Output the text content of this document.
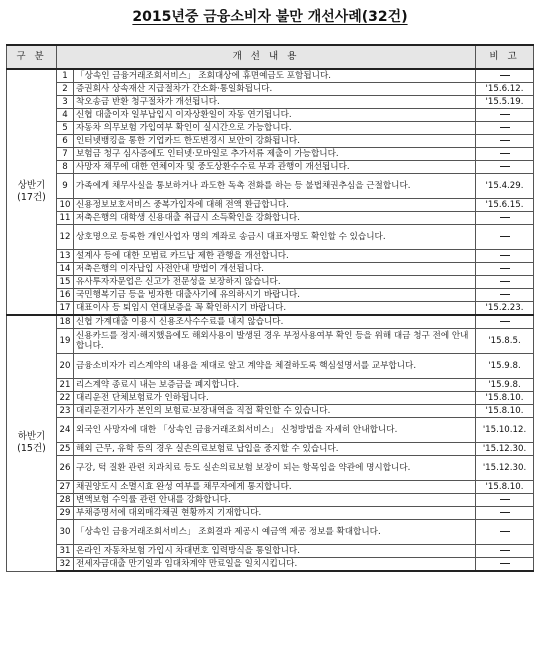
2015년중 금융소비자 불만 개선사례(32건)
구 분	개 선 내 용		비 고

상반기
(17건)	1	「상속인 금융거래조회서비스」 조회대상에 휴면예금도 포함됩니다.	
	2	증권회사 상속재산 지급절차가 간소화·통일화됩니다.	'15.6.12.
	3	착오송금 반환 청구절차가 개선됩니다.	'15.5.19.
	4	신협 대출이자 일부납입시 이자상환일이 자동 연기됩니다.	
	5	자동차 의무보험 가입여부 확인이 실시간으로 가능합니다.	
	6	인터넷뱅킹을 통한 기업카드 한도변경시 보안이 강화됩니다.	
	7	보험금 청구 심사증에도 인터넷·모바일로 추가서류 제출이 가능합니다.	
	8	사망자 채무에 대한 연체이자 및 중도상환수수료 부과 관행이 개선됩니다.	
	9	가족에게 채무사실을 통보하거나 과도한 독촉 전화를 하는 등 불법채권추심을 근절합니다.	'15.4.29.
	10	신용정보보호서비스 중복가입자에 대해 전액 환급합니다.	'15.6.15.
	11	저축은행의 대학생 신용대출 취급시 소득확인을 강화합니다.	
	12	상호명으로 등록한 개인사업자 명의 계좌로 송금시 대표자명도 확인할 수 있습니다.	
	13	설계사 등에 대한 모범료 카드납 제한 관행을 개선합니다.	
	14	저축은행의 이자납입 사전안내 방법이 개선됩니다.	
	15	유사투자자문업은 신고가 전문성을 보장하지 않습니다.	
	16	국민행복기금 등을 빙자한 대출사기에 유의하시기 바랍니다.	
	17	대표이사 등 퇴임시 연대보증을 꼭 확인하시기 바랍니다.	'15.2.23.

하반기
(15건)	18	신협 가계대출 이용시 신용조사수수료를 내지 않습니다.	
	19	신용카드를 정지·해지했음에도 해외사용이 발생된 경우 부정사용여부 확인 등을 위해 대금 청구 전에 안내합니다.	'15.8.5.
	20	금융소비자가 리스계약의 내용을 제대로 알고 계약을 체결하도록 핵심설명서를 교부합니다.	'15.9.8.
	21	리스계약 종료시 내는 보증금을 폐지합니다.	'15.9.8.
	22	대리운전 단체보험료가 인하됩니다.	'15.8.10.
	23	대리운전기사가 본인의 보험료·보장내역을 직접 확인할 수 있습니다.	'15.8.10.
	24	외국인 사망자에 대한 「상속인 금융거래조회서비스」 신청방법을 자세히 안내합니다.	'15.10.12.
	25	해외 근무, 유학 등의 경우 실손의료보험료 납입을 중지할 수 있습니다.	'15.12.30.
	26	구강, 턱 질환 관련 치과치료 등도 실손의료보험 보장이 되는 항목임을 약관에 명시합니다.	'15.12.30.
	27	채권양도시 소멸시효 완성 여부를 채무자에게 통지합니다.	'15.8.10.
	28	변액보험 수익률 관련 안내를 강화합니다.	
	29	부채증명서에 대외매각채권 현황까지 기재합니다.	
	30	「상속인 금융거래조회서비스」 조회결과 제공시 예금액 제공 정보를 확대합니다.	
	31	온라인 자동차보험 가입시 차대번호 입력방식을 통일합니다.	
	32	전세자금대출 만기일과 임대차계약 만료일을 일치시킵니다.	
